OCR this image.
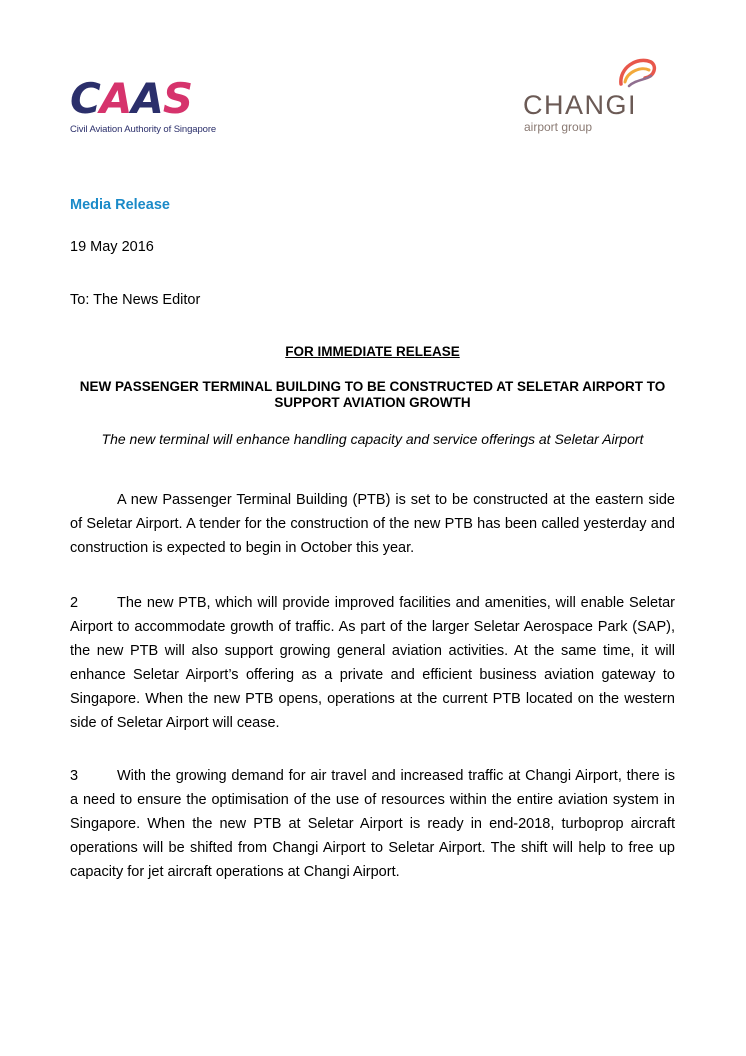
CAAS
Civil Aviation Authority of Singapore
CHANGI
airport group
Media Release
19 May 2016
To: The News Editor
FOR IMMEDIATE RELEASE
NEW PASSENGER TERMINAL BUILDING TO BE CONSTRUCTED AT SELETAR AIRPORT TO SUPPORT AVIATION GROWTH
The new terminal will enhance handling capacity and service offerings at Seletar Airport
A new Passenger Terminal Building (PTB) is set to be constructed at the eastern side of Seletar Airport. A tender for the construction of the new PTB has been called yesterday and construction is expected to begin in October this year.
2	The new PTB, which will provide improved facilities and amenities, will enable Seletar Airport to accommodate growth of traffic. As part of the larger Seletar Aerospace Park (SAP), the new PTB will also support growing general aviation activities. At the same time, it will enhance Seletar Airport’s offering as a private and efficient business aviation gateway to Singapore. When the new PTB opens, operations at the current PTB located on the western side of Seletar Airport will cease.
3	With the growing demand for air travel and increased traffic at Changi Airport, there is a need to ensure the optimisation of the use of resources within the entire aviation system in Singapore. When the new PTB at Seletar Airport is ready in end-2018, turboprop aircraft operations will be shifted from Changi Airport to Seletar Airport. The shift will help to free up capacity for jet aircraft operations at Changi Airport.
